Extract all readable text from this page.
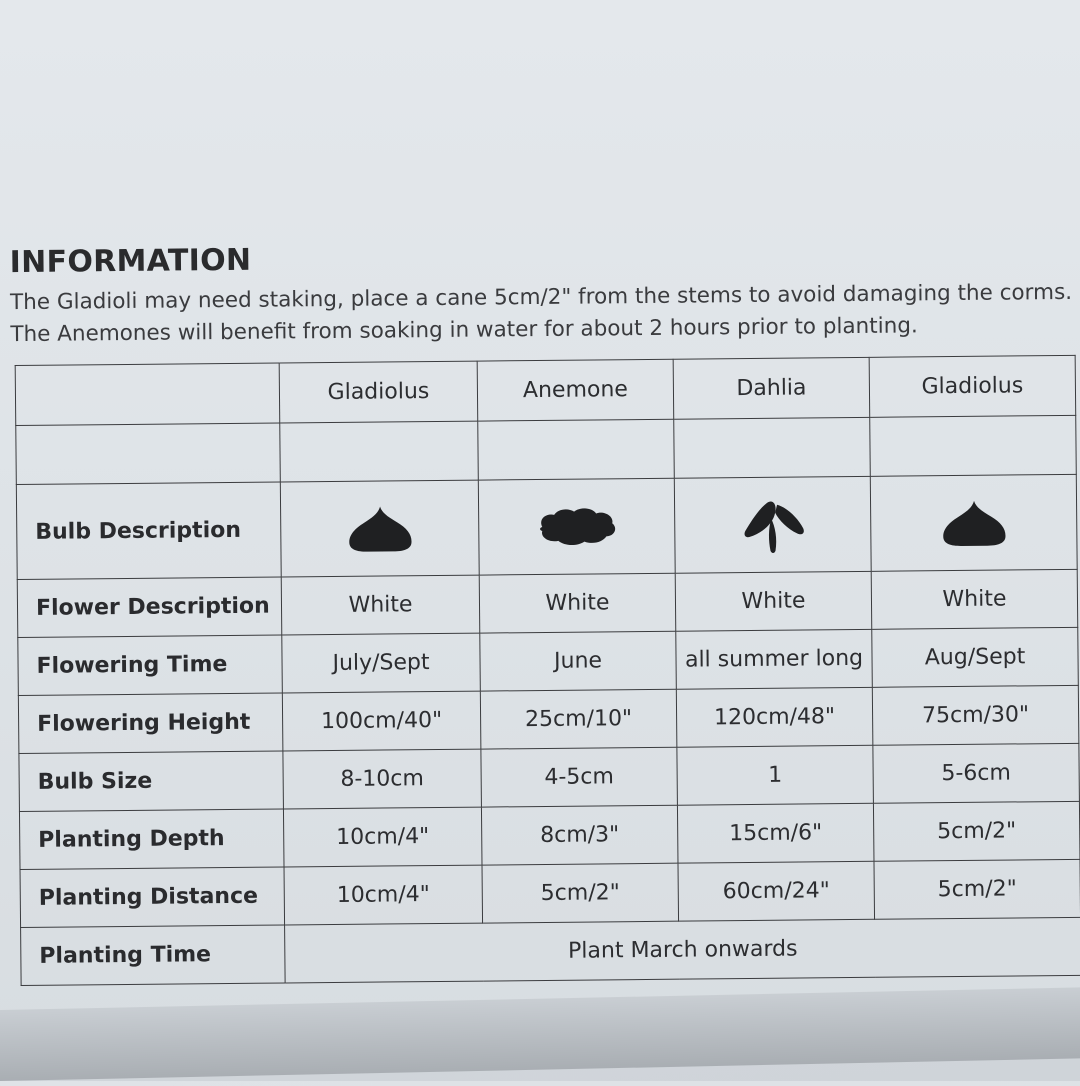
INFORMATION
The Gladioli may need staking, place a cane 5cm/2" from the stems to avoid damaging the corms.
The Anemones will benefit from soaking in water for about 2 hours prior to planting.
	Gladiolus	Anemone	Dahlia	Gladiolus

Bulb Description				
Flower Description	White	White	White	White
Flowering Time	July/Sept	June	all summer long	Aug/Sept
Flowering Height	100cm/40"	25cm/10"	120cm/48"	75cm/30"
Bulb Size	8-10cm	4-5cm	1	5-6cm
Planting Depth	10cm/4"	8cm/3"	15cm/6"	5cm/2"
Planting Distance	10cm/4"	5cm/2"	60cm/24"	5cm/2"
Planting Time	Plant March onwards			
